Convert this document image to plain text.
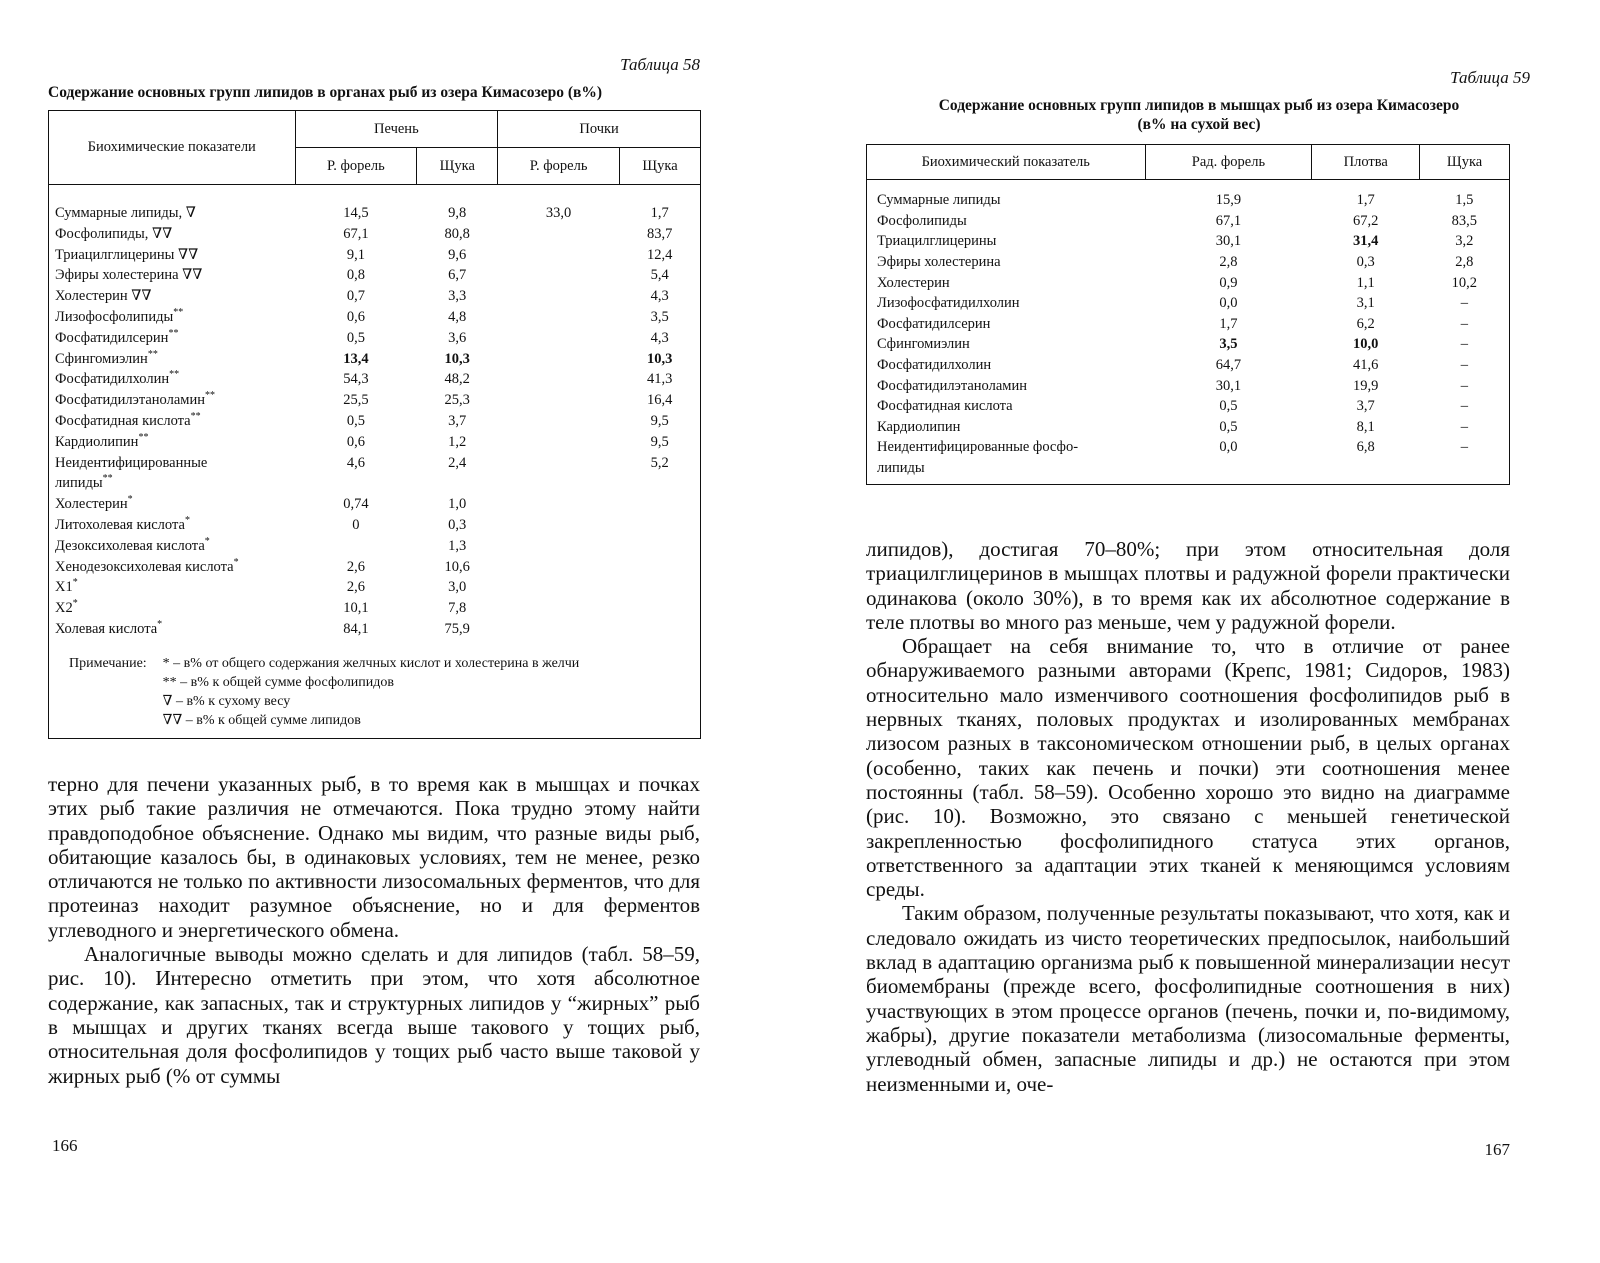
Таблица 58
Содержание основных групп липидов в органах рыб из озера Кимасозеро (в%)
Биохимические показатели	Печень	Почки
Р. форель	Щука	Р. форель	Щука

Суммарные липиды, ∇	14,5	9,8	33,0	1,7
Фосфолипиды, ∇∇	67,1	80,8		83,7
Триацилглицерины ∇∇	9,1	9,6		12,4
Эфиры холестерина ∇∇	0,8	6,7		5,4
Холестерин ∇∇	0,7	3,3		4,3
Лизофосфолипиды**	0,6	4,8		3,5
Фосфатидилсерин**	0,5	3,6		4,3
Сфингомиэлин**	13,4	10,3		10,3
Фосфатидилхолин**	54,3	48,2		41,3
Фосфатидилэтаноламин**	25,5	25,3		16,4
Фосфатидная кислота**	0,5	3,7		9,5
Кардиолипин**	0,6	1,2		9,5
Неидентифицированные	4,6	2,4		5,2
липиды**				
Холестерин*	0,74	1,0		
Литохолевая кислота*	0	0,3		
Дезоксихолевая кислота*		1,3		
Хенодезоксихолевая кислота*	2,6	10,6		
X1*	2,6	3,0		
X2*	10,1	7,8		
Холевая кислота*	84,1	75,9		

Примечание:	* – в% от общего содержания желчных кислот и холестерина в желчи
** – в% к общей сумме фосфолипидов
∇ – в% к сухому весу
∇∇ – в% к общей сумме липидов

терно для печени указанных рыб, в то время как в мышцах и почках этих рыб такие различия не отмечаются. Пока трудно этому найти правдоподобное объяснение. Однако мы видим, что разные виды рыб, обитающие казалось бы, в одинаковых условиях, тем не менее, резко отличаются не только по активности лизосомальных ферментов, что для протеиназ находит разумное объяснение, но и для ферментов углеводного и энергетического обмена.

Аналогичные выводы можно сделать и для липидов (табл. 58–59, рис. 10). Интересно отметить при этом, что хотя абсолютное содержание, как запасных, так и структурных липидов у “жирных” рыб в мышцах и других тканях всегда выше такового у тощих рыб, относительная доля фосфолипидов у тощих рыб часто выше таковой у жирных рыб (% от суммы

166
Таблица 59
Содержание основных групп липидов в мышцах рыб из озера Кимасозеро
(в% на сухой вес)
Биохимический показатель	Рад. форель	Плотва	Щука

Суммарные липиды	15,9	1,7	1,5
Фосфолипиды	67,1	67,2	83,5
Триацилглицерины	30,1	31,4	3,2
Эфиры холестерина	2,8	0,3	2,8
Холестерин	0,9	1,1	10,2
Лизофосфатидилхолин	0,0	3,1	–
Фосфатидилсерин	1,7	6,2	–
Сфингомиэлин	3,5	10,0	–
Фосфатидилхолин	64,7	41,6	–
Фосфатидилэтаноламин	30,1	19,9	–
Фосфатидная кислота	0,5	3,7	–
Кардиолипин	0,5	8,1	–
Неидентифицированные фосфо-	0,0	6,8	–
липиды			

липидов), достигая 70–80%; при этом относительная доля триацилглицеринов в мышцах плотвы и радужной форели практически одинакова (около 30%), в то время как их абсолютное содержание в теле плотвы во много раз меньше, чем у радужной форели.

Обращает на себя внимание то, что в отличие от ранее обнаруживаемого разными авторами (Крепс, 1981; Сидоров, 1983) относительно мало изменчивого соотношения фосфолипидов рыб в нервных тканях, половых продуктах и изолированных мембранах лизосом разных в таксономическом отношении рыб, в целых органах (особенно, таких как печень и почки) эти соотношения менее постоянны (табл. 58–59). Особенно хорошо это видно на диаграмме (рис. 10). Возможно, это связано с меньшей генетической закрепленностью фосфолипидного статуса этих органов, ответственного за адаптации этих тканей к меняющимся условиям среды.

Таким образом, полученные результаты показывают, что хотя, как и следовало ожидать из чисто теоретических предпосылок, наибольший вклад в адаптацию организма рыб к повышенной минерализации несут биомембраны (прежде всего, фосфолипидные соотношения в них) участвующих в этом процессе органов (печень, почки и, по-видимому, жабры), другие показатели метаболизма (лизосомальные ферменты, углеводный обмен, запасные липиды и др.) не остаются при этом неизменными и, оче-

167
